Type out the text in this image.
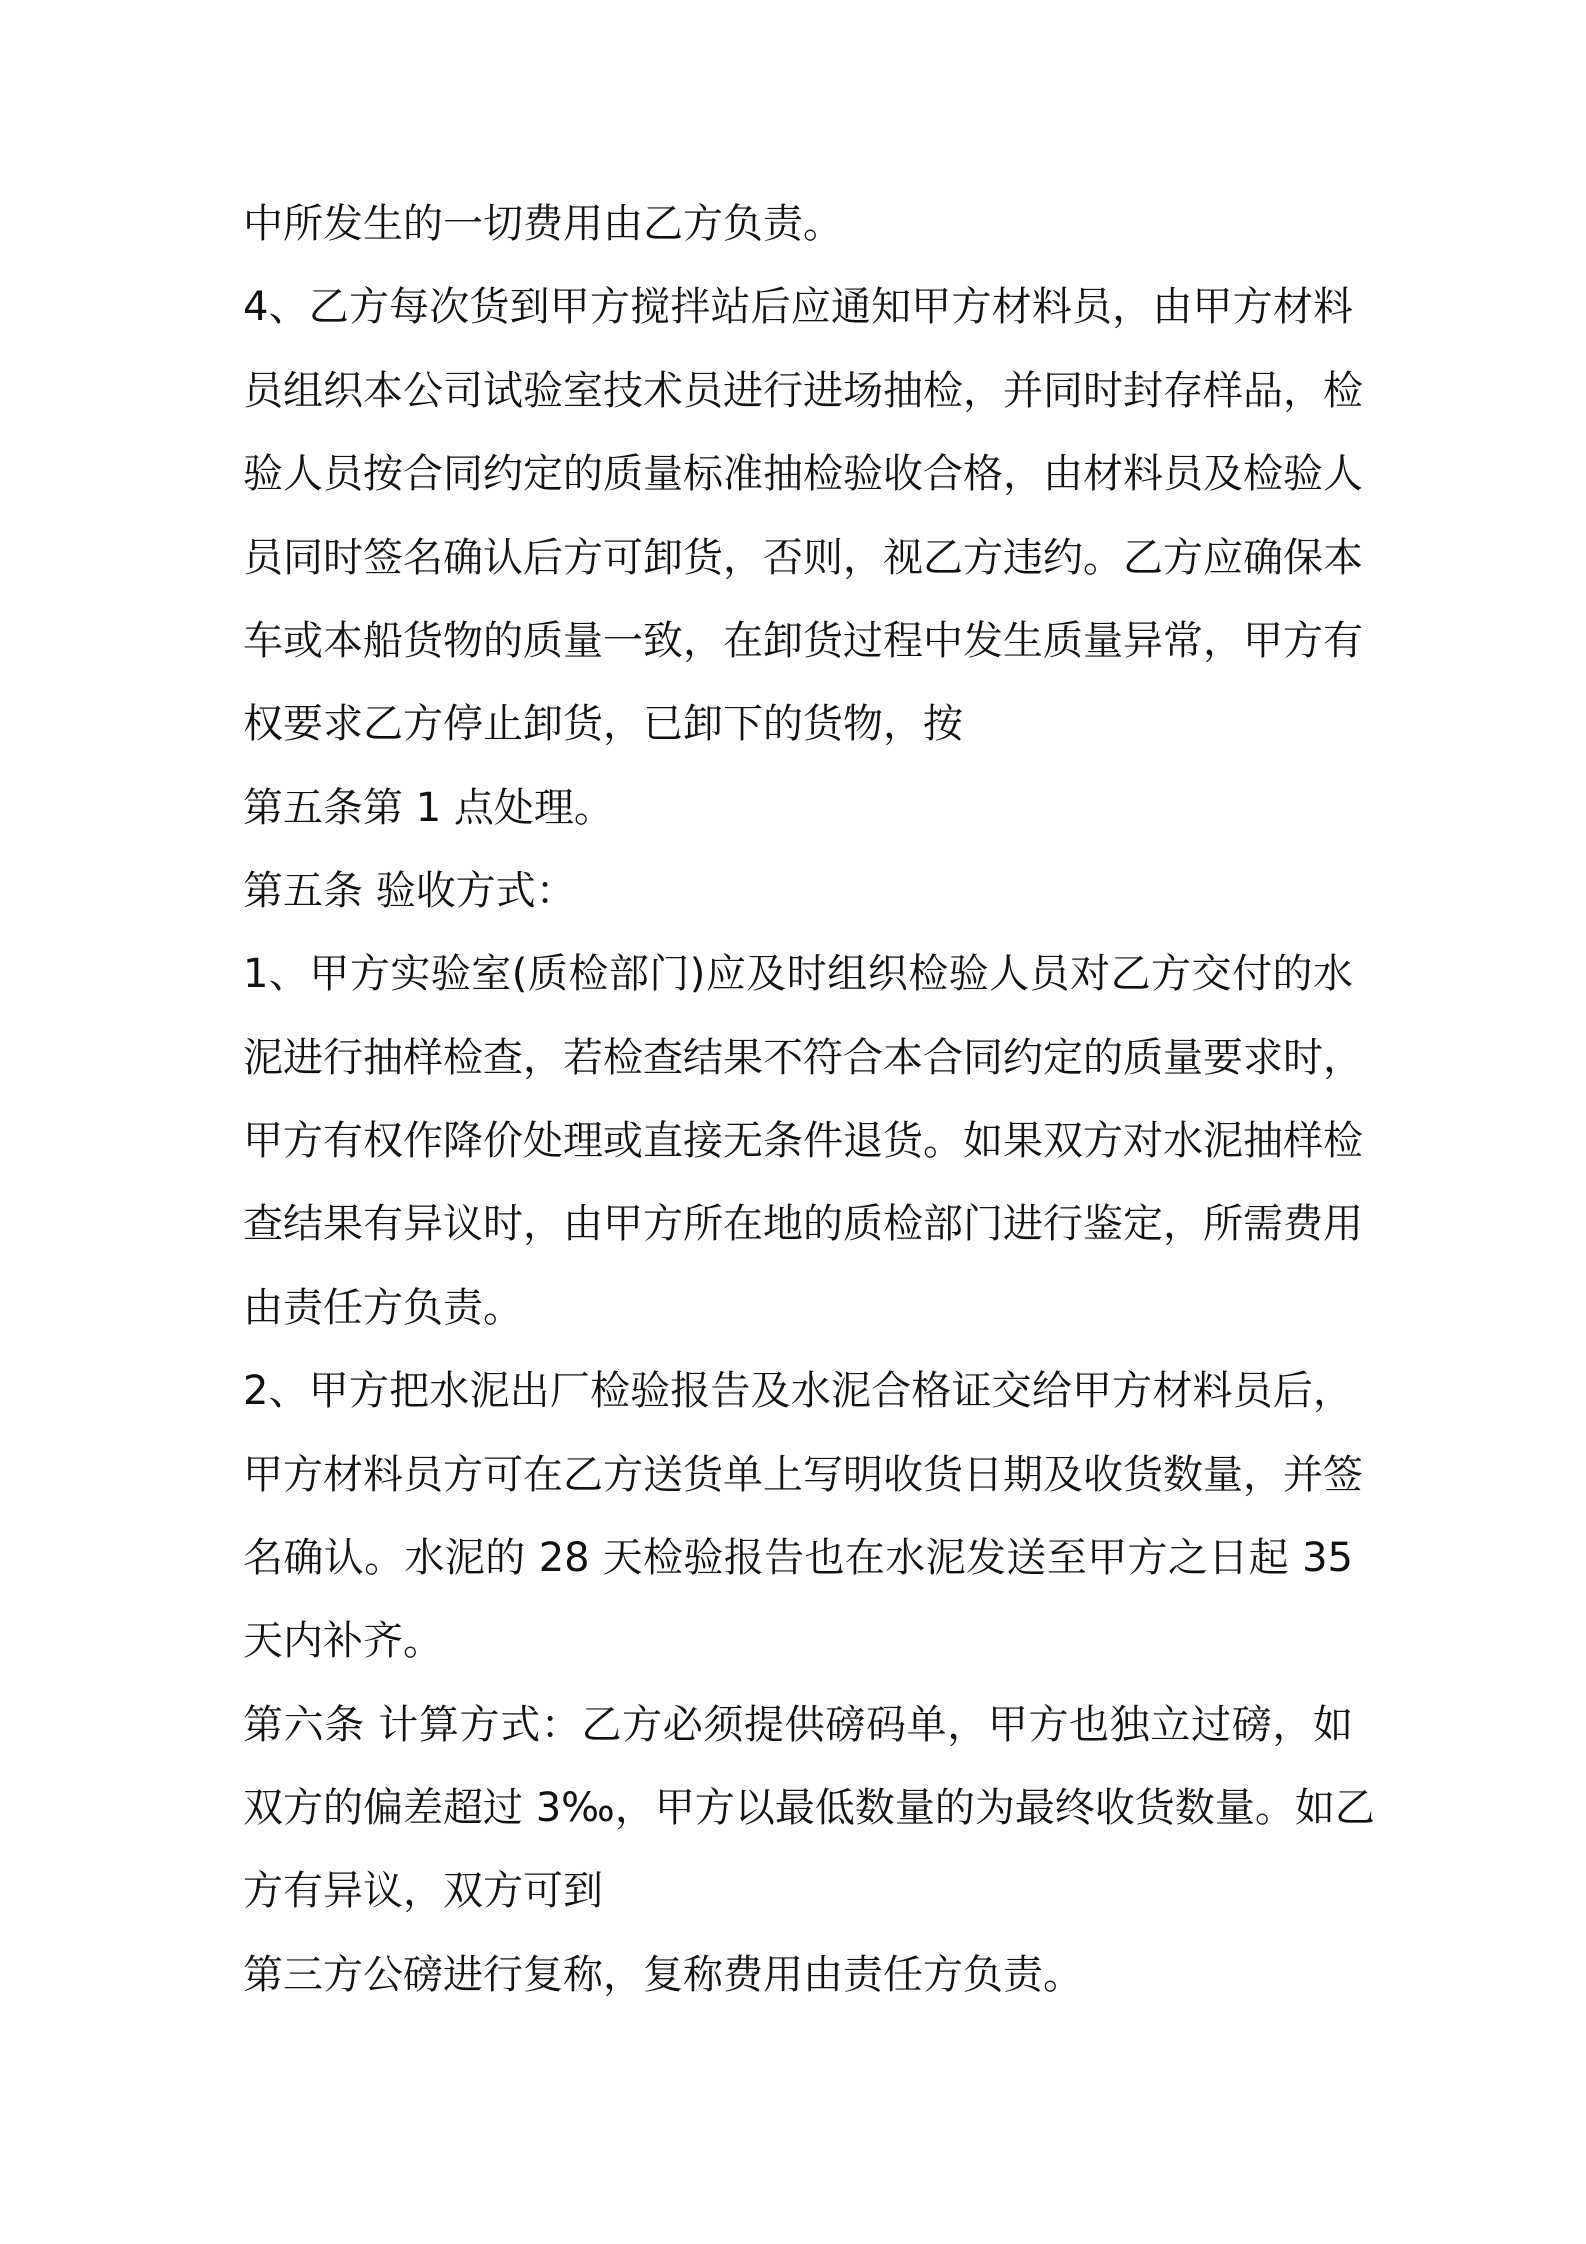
中所发生的一切费用由乙方负责。
4、乙方每次货到甲方搅拌站后应通知甲方材料员，由甲方材料
员组织本公司试验室技术员进行进场抽检，并同时封存样品，检
验人员按合同约定的质量标准抽检验收合格，由材料员及检验人
员同时签名确认后方可卸货，否则，视乙方违约。乙方应确保本
车或本船货物的质量一致，在卸货过程中发生质量异常，甲方有
权要求乙方停止卸货，已卸下的货物，按
第五条第 1 点处理。
第五条 验收方式：
1、甲方实验室(质检部门)应及时组织检验人员对乙方交付的水
泥进行抽样检查，若检查结果不符合本合同约定的质量要求时，
甲方有权作降价处理或直接无条件退货。如果双方对水泥抽样检
查结果有异议时，由甲方所在地的质检部门进行鉴定，所需费用
由责任方负责。
2、甲方把水泥出厂检验报告及水泥合格证交给甲方材料员后，
甲方材料员方可在乙方送货单上写明收货日期及收货数量，并签
名确认。水泥的 28 天检验报告也在水泥发送至甲方之日起 35
天内补齐。
第六条 计算方式：乙方必须提供磅码单，甲方也独立过磅，如
双方的偏差超过 3‰，甲方以最低数量的为最终收货数量。如乙
方有异议，双方可到
第三方公磅进行复称，复称费用由责任方负责。
